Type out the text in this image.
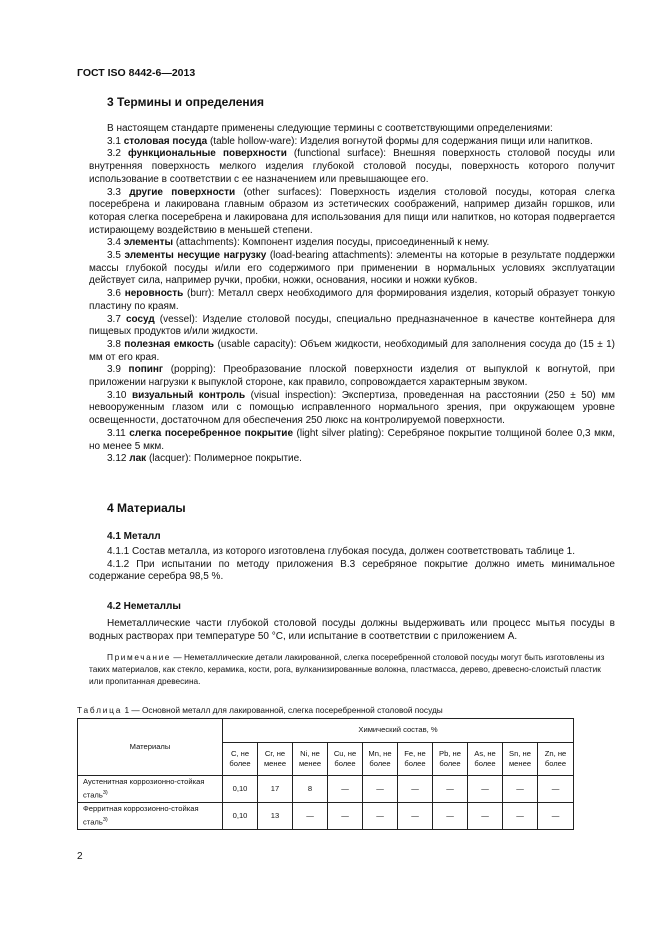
ГОСТ ISO 8442-6—2013
3 Термины и определения
В настоящем стандарте применены следующие термины с соответствующими определениями:
3.1 столовая посуда (table hollow-ware): Изделия вогнутой формы для содержания пищи или напитков.
3.2 функциональные поверхности (functional surface): Внешняя поверхность столовой посуды или внутренняя поверхность мелкого изделия глубокой столовой посуды, поверхность которого получит использование в соответствии с ее назначением или превышающее его.
3.3 другие поверхности (other surfaces): Поверхность изделия столовой посуды, которая слегка посеребрена и лакирована главным образом из эстетических соображений, например дизайн горшков, или которая слегка посеребрена и лакирована для использования для пищи или напитков, но которая подвергается истирающему воздействию в меньшей степени.
3.4 элементы (attachments): Компонент изделия посуды, присоединенный к нему.
3.5 элементы несущие нагрузку (load-bearing attachments): элементы на которые в результате поддержки массы глубокой посуды и/или его содержимого при применении в нормальных условиях эксплуатации действует сила, например ручки, пробки, ножки, основания, носики и ножки кубков.
3.6 неровность (burr): Металл сверх необходимого для формирования изделия, который образует тонкую пластину по краям.
3.7 сосуд (vessel): Изделие столовой посуды, специально предназначенное в качестве контейнера для пищевых продуктов и/или жидкости.
3.8 полезная емкость (usable capacity): Объем жидкости, необходимый для заполнения сосуда до (15 ± 1) мм от его края.
3.9 попинг (popping): Преобразование плоской поверхности изделия от выпуклой к вогнутой, при приложении нагрузки к выпуклой стороне, как правило, сопровождается характерным звуком.
3.10 визуальный контроль (visual inspection): Экспертиза, проведенная на расстоянии (250 ± 50) мм невооруженным глазом или с помощью исправленного нормального зрения, при окружающем уровне освещенности, достаточном для обеспечения 250 люкс на контролируемой поверхности.
3.11 слегка посеребренное покрытие (light silver plating): Серебряное покрытие толщиной более 0,3 мкм, но менее 5 мкм.
3.12 лак (lacquer): Полимерное покрытие.
4 Материалы
4.1 Металл
4.1.1 Состав металла, из которого изготовлена глубокая посуда, должен соответствовать таблице 1.
4.1.2 При испытании по методу приложения В.3 серебряное покрытие должно иметь минимальное содержание серебра 98,5 %.
4.2 Неметаллы
Неметаллические части глубокой столовой посуды должны выдерживать или процесс мытья посуды в водных растворах при температуре 50 °С, или испытание в соответствии с приложением А.
Примечание — Неметаллические детали лакированной, слегка посеребренной столовой посуды могут быть изготовлены из таких материалов, как стекло, керамика, кости, рога, вулканизированные волокна, пластмасса, дерево, древесно-слоистый пластик или пропитанная древесина.
Таблица 1 — Основной металл для лакированной, слегка посеребренной столовой посуды
Материалы	Химический состав, %									
	С, не более	Cr, не менее	Ni, не менее	Cu, не более	Mn, не более	Fe, не более	Pb, не более	As, не более	Sn, не менее	Zn, не более
Аустенитная коррозионно-стойкая сталь$^{3)}$	0,10	17	8	—	—	—	—	—	—	—
Ферритная коррозионно-стойкая сталь$^{3)}$	0,10	13	—	—	—	—	—	—	—	—
2
